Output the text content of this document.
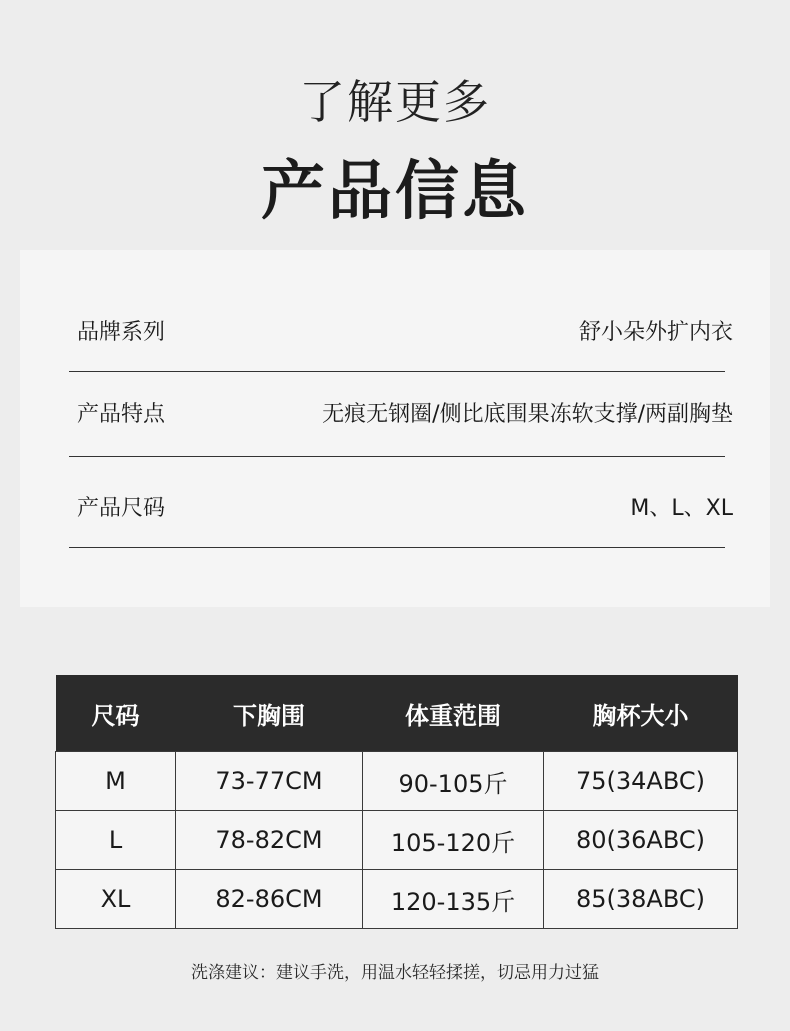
了解更多
产品信息
品牌系列	舒小朵外扩内衣
产品特点	无痕无钢圈/侧比底围果冻软支撑/两副胸垫
产品尺码	M、L、XL
尺码	下胸围	体重范围	胸杯大小
M	73-77CM	90-105斤	75(34ABC)
L	78-82CM	105-120斤	80(36ABC)
XL	82-86CM	120-135斤	85(38ABC)
洗涤建议：建议手洗，用温水轻轻揉搓，切忌用力过猛
